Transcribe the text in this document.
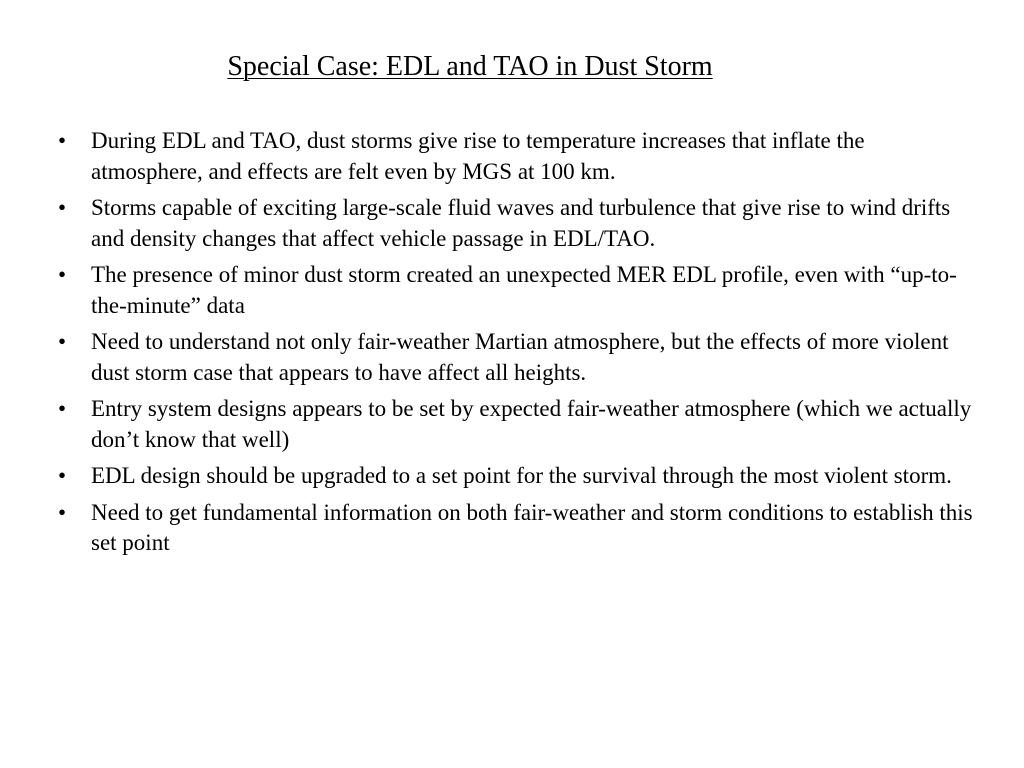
Special Case: EDL and TAO in Dust Storm
•	During EDL and TAO, dust storms give rise to temperature increases that inflate the atmosphere, and effects are felt even by MGS at 100 km.
•	Storms capable of exciting large-scale fluid waves and turbulence that give rise to wind drifts and density changes that affect vehicle passage in EDL/TAO.
•	The presence of minor dust storm created an unexpected MER EDL profile, even with “up-to-the-minute” data
•	Need to understand not only fair-weather Martian atmosphere, but the effects of more violent dust storm case that appears to have affect all heights.
•	Entry system designs appears to be set by expected fair-weather atmosphere (which we actually don’t know that well)
•	EDL design should be upgraded to a set point for the survival through the most violent storm.
•	Need to get fundamental information on both fair-weather and storm conditions to establish this set point
